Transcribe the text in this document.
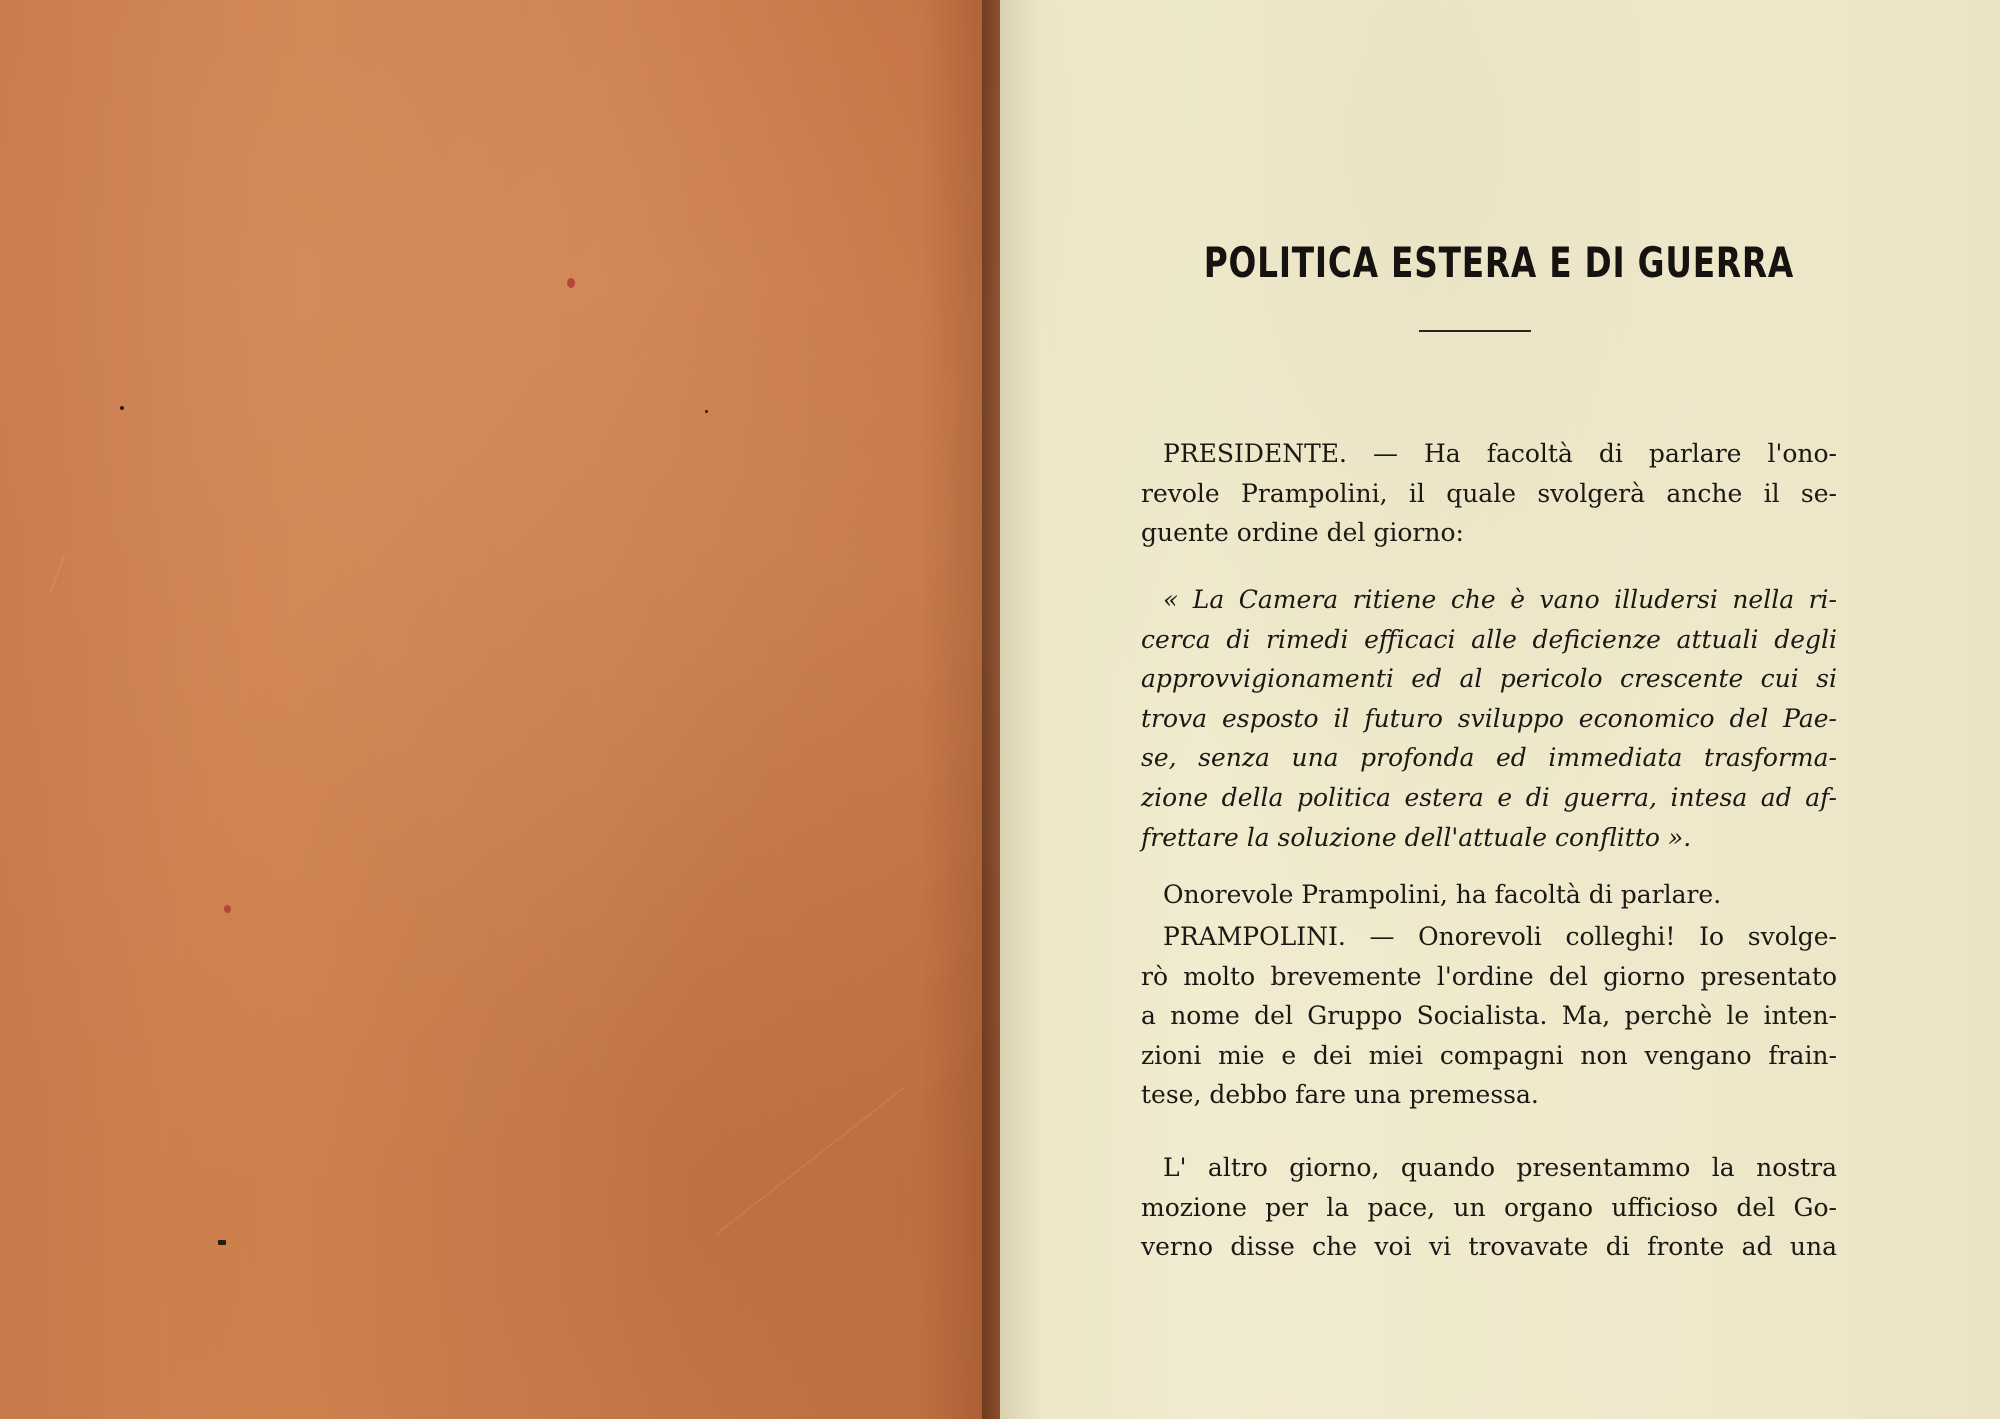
POLITICA ESTERA E DI GUERRA
PRESIDENTE. — Ha facoltà di parlare l'ono-
revole Prampolini, il quale svolgerà anche il se-
guente ordine del giorno:
« La Camera ritiene che è vano illudersi nella ri-
cerca di rimedi efficaci alle deficienze attuali degli
approvvigionamenti ed al pericolo crescente cui si
trova esposto il futuro sviluppo economico del Pae-
se, senza una profonda ed immediata trasforma-
zione della politica estera e di guerra, intesa ad af-
frettare la soluzione dell'attuale conflitto ».
Onorevole Prampolini, ha facoltà di parlare.
PRAMPOLINI. — Onorevoli colleghi! Io svolge-
rò molto brevemente l'ordine del giorno presentato
a nome del Gruppo Socialista. Ma, perchè le inten-
zioni mie e dei miei compagni non vengano frain-
tese, debbo fare una premessa.
L' altro giorno, quando presentammo la nostra
mozione per la pace, un organo ufficioso del Go-
verno disse che voi vi trovavate di fronte ad una
